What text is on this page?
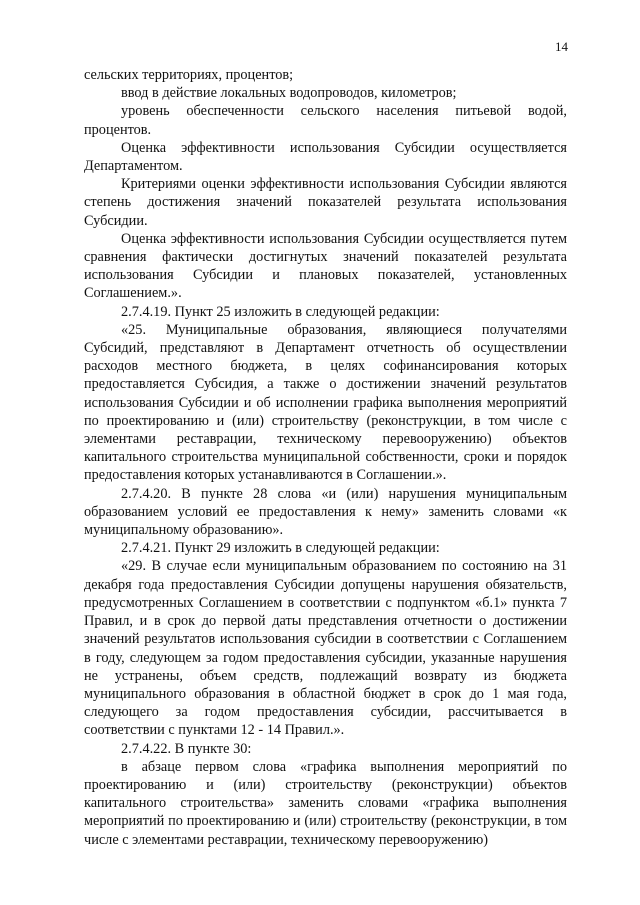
14

сельских территориях, процентов;

ввод в действие локальных водопроводов, километров;

уровень обеспеченности сельского населения питьевой водой, процентов.

Оценка эффективности использования Субсидии осуществляется Департаментом.

Критериями оценки эффективности использования Субсидии являются степень достижения значений показателей результата использования Субсидии.

Оценка эффективности использования Субсидии осуществляется путем сравнения фактически достигнутых значений показателей результата использования Субсидии и плановых показателей, установленных Соглашением.».

2.7.4.19. Пункт 25 изложить в следующей редакции:

«25. Муниципальные образования, являющиеся получателями Субсидий, представляют в Департамент отчетность об осуществлении расходов местного бюджета, в целях софинансирования которых предоставляется Субсидия, а также о достижении значений результатов использования Субсидии и об исполнении графика выполнения мероприятий по проектированию и (или) строительству (реконструкции, в том числе с элементами реставрации, техническому перевооружению) объектов капитального строительства муниципальной собственности, сроки и порядок предоставления которых устанавливаются в Соглашении.».

2.7.4.20. В пункте 28 слова «и (или) нарушения муниципальным образованием условий ее предоставления к нему» заменить словами «к муниципальному образованию».

2.7.4.21. Пункт 29 изложить в следующей редакции:

«29. В случае если муниципальным образованием по состоянию на 31 декабря года предоставления Субсидии допущены нарушения обязательств, предусмотренных Соглашением в соответствии с подпунктом «б.1» пункта 7 Правил, и в срок до первой даты представления отчетности о достижении значений результатов использования субсидии в соответствии с Соглашением в году, следующем за годом предоставления субсидии, указанные нарушения не устранены, объем средств, подлежащий возврату из бюджета муниципального образования в областной бюджет в срок до 1 мая года, следующего за годом предоставления субсидии, рассчитывается в соответствии с пунктами 12 - 14 Правил.».

2.7.4.22. В пункте 30:

в абзаце первом слова «графика выполнения мероприятий по проектированию и (или) строительству (реконструкции) объектов капитального строительства» заменить словами «графика выполнения мероприятий по проектированию и (или) строительству (реконструкции, в том числе с элементами реставрации, техническому перевооружению)
